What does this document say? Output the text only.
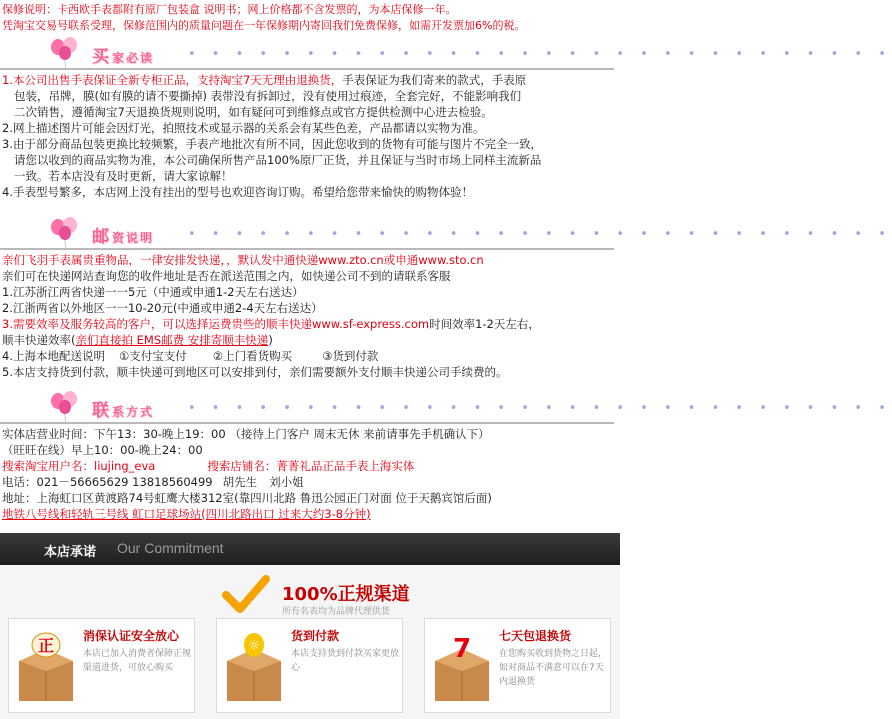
保修说明：卡西欧手表都附有原厂包装盒 说明书；网上价格都不含发票的，为本店保修一年。
凭淘宝交易号联系受理，保修范围内的质量问题在一年保修期内寄回我们免费保修，如需开发票加6%的税。
买家必读	• • • • • • • • • • • • • • • • • • • • • • • • • • • • • •
1.本公司出售手表保证全新专柜正品，支持淘宝7天无理由退换货，手表保证为我们寄来的款式，手表原
包装，吊牌，膜(如有膜的请不要撕掉) 表带没有拆卸过，没有使用过痕迹，全套完好，不能影响我们
二次销售，遵循淘宝7天退换货规则说明，如有疑问可到维修点或官方提供检测中心进去检验。
2.网上描述图片可能会因灯光，拍照技术或显示器的关系会有某些色差，产品都请以实物为准。
3.由于部分商品包装更换比较频繁，手表产地批次有所不同，因此您收到的货物有可能与图片不完全一致，
请您以收到的商品实物为准，本公司确保所售产品100%原厂正货，并且保证与当时市场上同样主流新品
一致。若本店没有及时更新，请大家谅解！
4.手表型号繁多，本店网上没有挂出的型号也欢迎咨询订购。希望给您带来愉快的购物体验！
邮资说明	• • • • • • • • • • • • • • • • • • • • • • • • • • • • • •
亲们飞羽手表属贵重物品，一律安排发快递，，默认发中通快递www.zto.cn或申通www.sto.cn
亲们可在快递网站查询您的收件地址是否在派送范围之内，如快递公司不到的请联系客服
1.江苏浙江两省快递一一5元（中通或申通1-2天左右送达）
2.江浙两省以外地区一一10-20元(中通或申通2-4天左右送达）
3.需要效率及服务较高的客户，可以选择运费贵些的顺丰快递www.sf-express.com时间效率1-2天左右，
顺丰快递效率(亲们直接拍 EMS邮费 安排寄顺丰快递)
4.上海本地配送说明 ①支付宝支付 ②上门看货购买	③货到付款
5.本店支持货到付款，顺丰快递可到地区可以安排到付，亲们需要额外支付顺丰快递公司手续费的。
联系方式	• • • • • • • • • • • • • • • • • • • • • • • • • • • • • •
实体店营业时间：下午13：30-晚上19：00 （接待上门客户 周末无休 来前请事先手机确认下）
（旺旺在线）早上10：00-晚上24：00
搜索淘宝用户名：liujing_eva	搜索店铺名：菁菁礼品正品手表上海实体
电话：021－56665629 13818560499 胡先生 刘小姐
地址：上海虹口区黄渡路74号虹鹰大楼312室(靠四川北路 鲁迅公园正门对面 位于天鹅宾馆后面)
地铁八号线和轻轨三号线 虹口足球场站(四川北路出口 过来大约3-8分钟)
本店承诺 Our Commitment
100%正规渠道
所有名表均为品牌代理供货
正 消保认证安全放心
本店已加入消费者保障正规渠道进货，可放心购买
☼
货到付款
本店支持货到付款买家更放心
7 七天包退换货
在您购买收到货物之日起，如对商品不满意可以在7天内退换货
